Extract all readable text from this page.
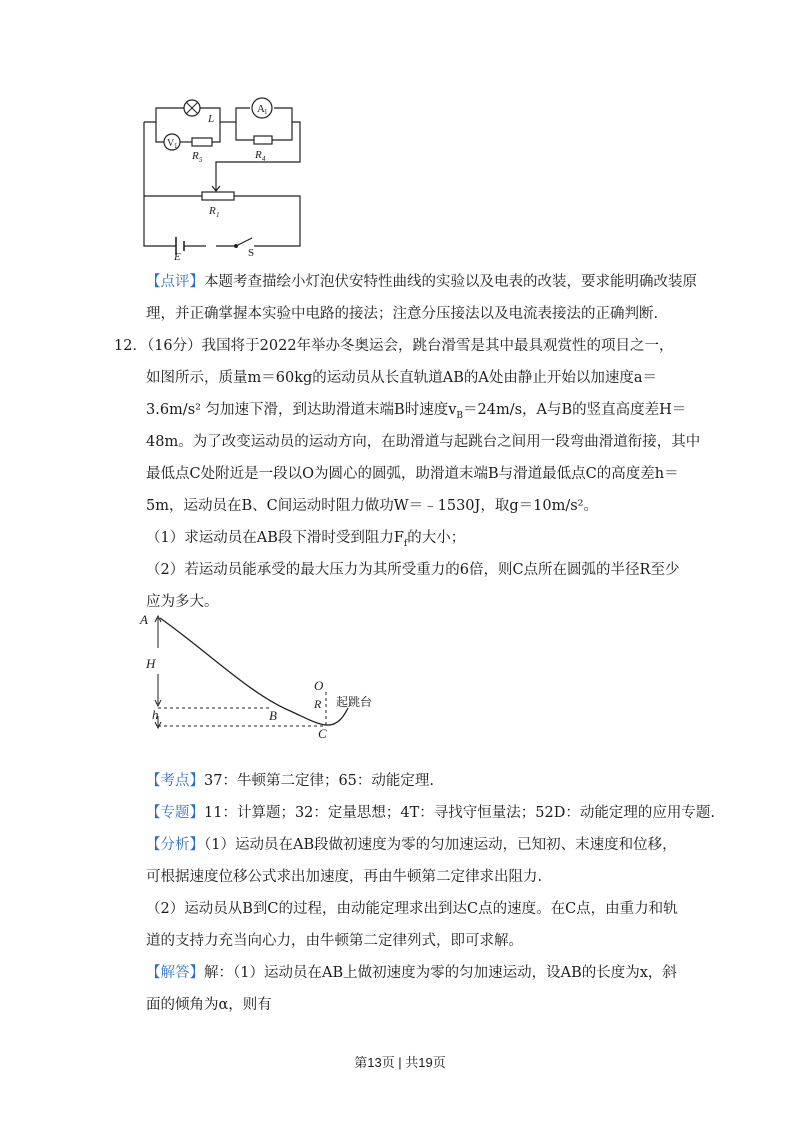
L
V 1
R 5
A 1
R 4
R 1
E	S
【点评】本题考查描绘小灯泡伏安特性曲线的实验以及电表的改装，要求能明确改装原
理，并正确掌握本实验中电路的接法；注意分压接法以及电流表接法的正确判断.
12．（16分）我国将于2022年举办冬奥运会，跳台滑雪是其中最具观赏性的项目之一，
如图所示，质量m＝60kg的运动员从长直轨道AB的A处由静止开始以加速度a＝
3.6m/s² 匀加速下滑，到达助滑道末端B时速度$v_B=24m/s$，A与B的竖直高度差H＝
48m。为了改变运动员的运动方向，在助滑道与起跳台之间用一段弯曲滑道衔接，其中
最低点C处附近是一段以O为圆心的圆弧，助滑道末端B与滑道最低点C的高度差h＝
5m，运动员在B、C间运动时阻力做功W＝﹣1530J，取g＝10m/s²。
（1）求运动员在AB段下滑时受到阻力$F_f$的大小；
（2）若运动员能承受的最大压力为其所受重力的6倍，则C点所在圆弧的半径R至少
应为多大。
A
H
h	B
C
O
R 起跳台
【考点】37：牛顿第二定律；65：动能定理.
【专题】11：计算题；32：定量思想；4T：寻找守恒量法；52D：动能定理的应用专题.
【分析】（1）运动员在AB段做初速度为零的匀加速运动，已知初、末速度和位移，
可根据速度位移公式求出加速度，再由牛顿第二定律求出阻力.
（2）运动员从B到C的过程，由动能定理求出到达C点的速度。在C点，由重力和轨
道的支持力充当向心力，由牛顿第二定律列式，即可求解。
【解答】解：（1）运动员在AB上做初速度为零的匀加速运动，设AB的长度为x，斜
面的倾角为α，则有
第13页 | 共19页
